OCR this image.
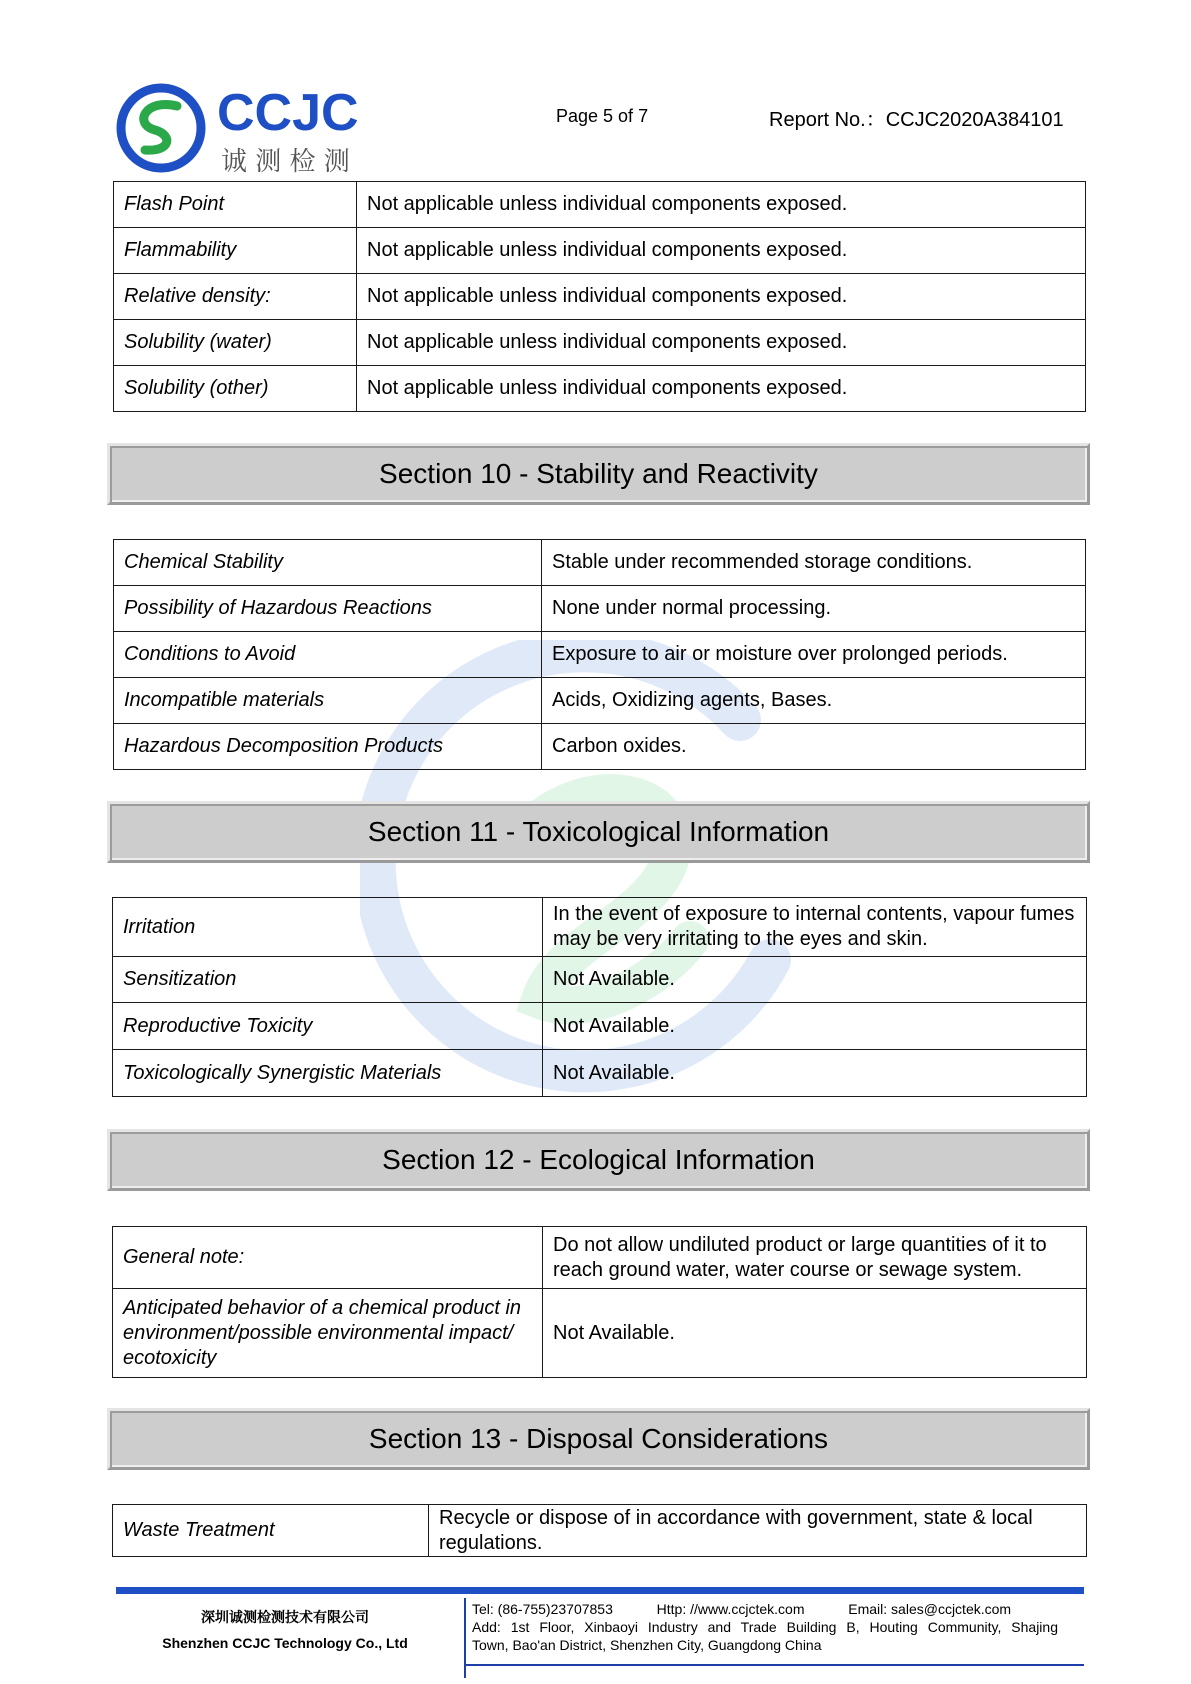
CCJC
诚 测 检 测
Page 5 of 7	Report No.：CCJC2020A384101
Flash Point	Not applicable unless individual components exposed.
Flammability	Not applicable unless individual components exposed.
Relative density:	Not applicable unless individual components exposed.
Solubility (water)	Not applicable unless individual components exposed.
Solubility (other)	Not applicable unless individual components exposed.
Section 10 - Stability and Reactivity
Chemical Stability	Stable under recommended storage conditions.
Possibility of Hazardous Reactions	None under normal processing.
Conditions to Avoid	Exposure to air or moisture over prolonged periods.
Incompatible materials	Acids, Oxidizing agents, Bases.
Hazardous Decomposition Products	Carbon oxides.
Section 11 - Toxicological Information
Irritation	In the event of exposure to internal contents, vapour fumes may be very irritating to the eyes and skin.
Sensitization	Not Available.
Reproductive Toxicity	Not Available.
Toxicologically Synergistic Materials	Not Available.
Section 12 - Ecological Information
General note:	Do not allow undiluted product or large quantities of it to reach ground water, water course or sewage system.
Anticipated behavior of a chemical product in environment/possible environmental impact/ ecotoxicity	Not Available.
Section 13 - Disposal Considerations
Waste Treatment	Recycle or dispose of in accordance with government, state & local regulations.
深圳诚测检测技术有限公司
Shenzhen CCJC Technology Co., Ltd
Tel: (86-755)23707853	Http: //www.ccjctek.com	Email: sales@ccjctek.com
Add: 1st Floor, Xinbaoyi Industry and Trade Building B, Houting Community, Shajing
Town, Bao'an District, Shenzhen City, Guangdong China
